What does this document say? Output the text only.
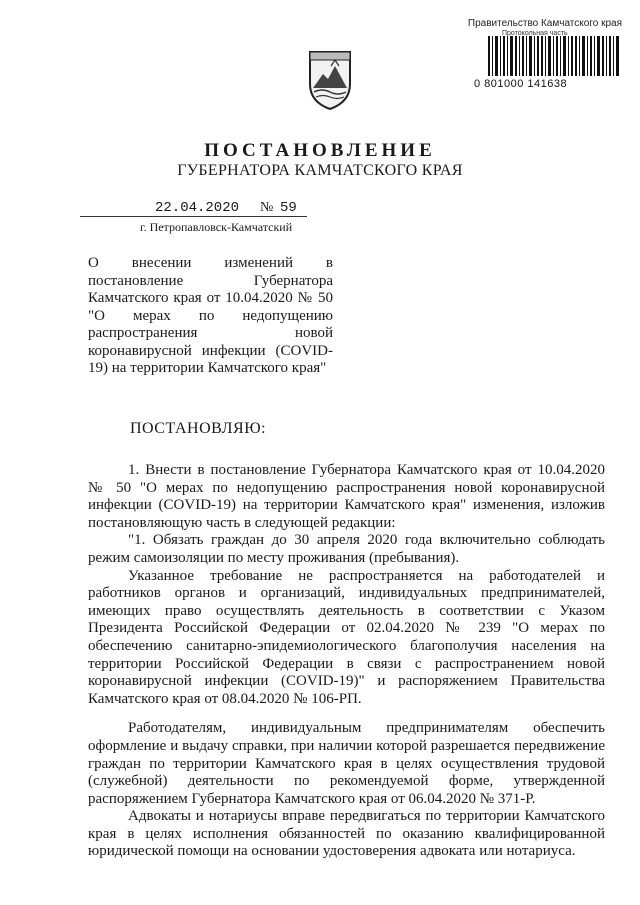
Правительство Камчатского края
Протокольная часть
0 801000 141638
ПОСТАНОВЛЕНИЕ
ГУБЕРНАТОРА КАМЧАТСКОГО КРАЯ
22.04.2020 № 59
г. Петропавловск-Камчатский
О внесении изменений в постановление Губернатора Камчатского края от 10.04.2020 № 50 "О мерах по недопущению распространения новой коронавирусной инфекции (COVID-19) на территории Камчатского края"
ПОСТАНОВЛЯЮ:

1. Внести в постановление Губернатора Камчатского края от 10.04.2020 № 50 "О мерах по недопущению распространения новой коронавирусной инфекции (COVID-19) на территории Камчатского края" изменения, изложив постановляющую часть в следующей редакции:

"1. Обязать граждан до 30 апреля 2020 года включительно соблюдать режим самоизоляции по месту проживания (пребывания).

Указанное требование не распространяется на работодателей и работников органов и организаций, индивидуальных предпринимателей, имеющих право осуществлять деятельность в соответствии с Указом Президента Российской Федерации от 02.04.2020 № 239 "О мерах по обеспечению санитарно-эпидемиологического благополучия населения на территории Российской Федерации в связи с распространением новой коронавирусной инфекции (COVID-19)" и распоряжением Правительства Камчатского края от 08.04.2020 № 106-РП.

Работодателям, индивидуальным предпринимателям обеспечить оформление и выдачу справки, при наличии которой разрешается передвижение граждан по территории Камчатского края в целях осуществления трудовой (служебной) деятельности по рекомендуемой форме, утвержденной распоряжением Губернатора Камчатского края от 06.04.2020 № 371-Р.

Адвокаты и нотариусы вправе передвигаться по территории Камчатского края в целях исполнения обязанностей по оказанию квалифицированной юридической помощи на основании удостоверения адвоката или нотариуса.
